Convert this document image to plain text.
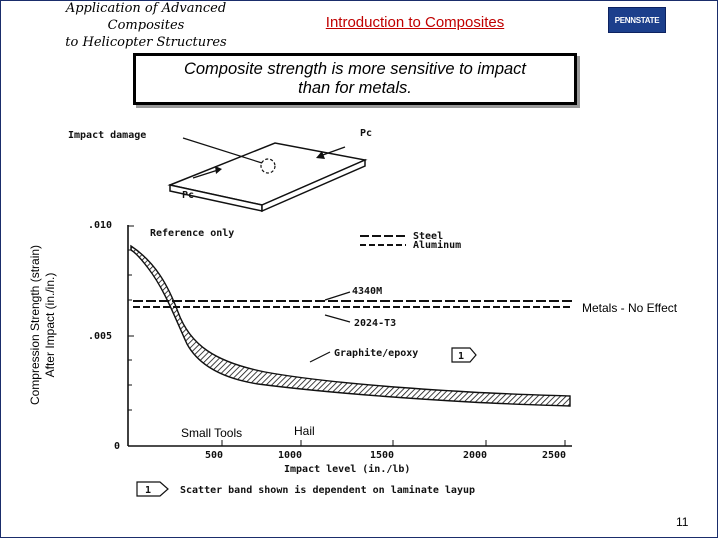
Application of Advanced Composites
to Helicopter Structures
Introduction to Composites	PENNSTATE
Composite strength is more sensitive to impact
than for metals.
Compression Strength (strain) After Impact (in./in.)
Impact damage	Pc
Pc
.010
.005
0
500	1000	1500	2000	2500
Impact level (in./lb)
Reference only	Steel
Aluminum
4340M
2024-T3
Graphite/epoxy	1
1	Scatter band shown is dependent on laminate layup
Metals - No Effect
Small Tools	Hail
11
